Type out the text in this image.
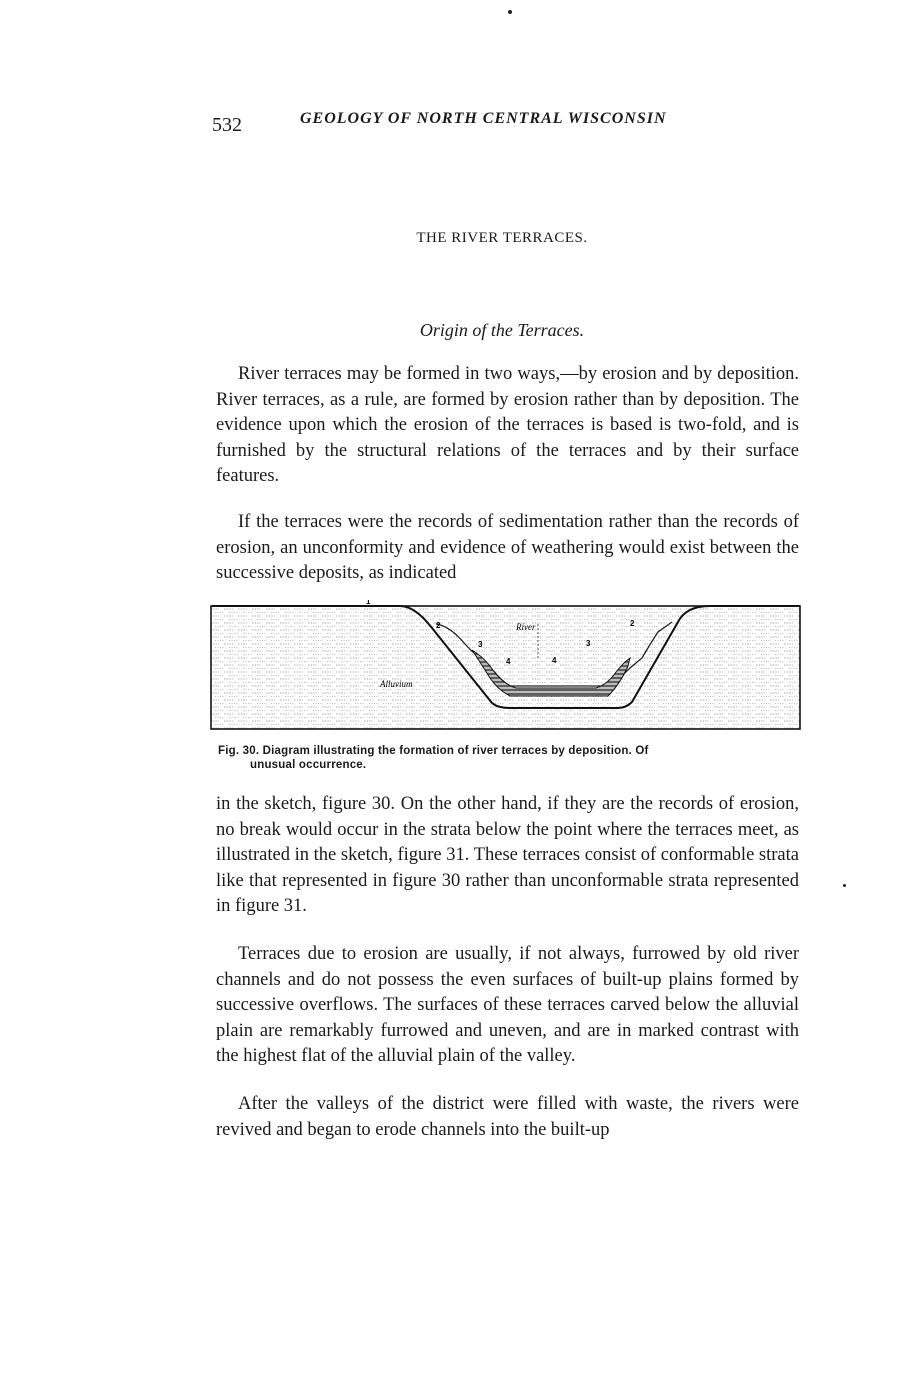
532	GEOLOGY OF NORTH CENTRAL WISCONSIN
THE RIVER TERRACES.
Origin of the Terraces.

River terraces may be formed in two ways,—by erosion and by deposition. River terraces, as a rule, are formed by erosion rather than by deposition. The evidence upon which the erosion of the terraces is based is two-fold, and is furnished by the structural relations of the terraces and by their surface features.

If the terraces were the records of sedimentation rather than the records of erosion, an unconformity and evidence of weathering would exist between the successive deposits, as indicated

River
Alluvium
1
2	2
3	3
4	4
Fig. 30. Diagram illustrating the formation of river terraces by deposition. Of
unusual occurrence.

in the sketch, figure 30. On the other hand, if they are the records of erosion, no break would occur in the strata below the point where the terraces meet, as illustrated in the sketch, figure 31. These terraces consist of conformable strata like that represented in figure 30 rather than unconformable strata represented in figure 31.

Terraces due to erosion are usually, if not always, furrowed by old river channels and do not possess the even surfaces of built-up plains formed by successive overflows. The surfaces of these terraces carved below the alluvial plain are remarkably furrowed and uneven, and are in marked contrast with the highest flat of the alluvial plain of the valley.

After the valleys of the district were filled with waste, the rivers were revived and began to erode channels into the built-up
